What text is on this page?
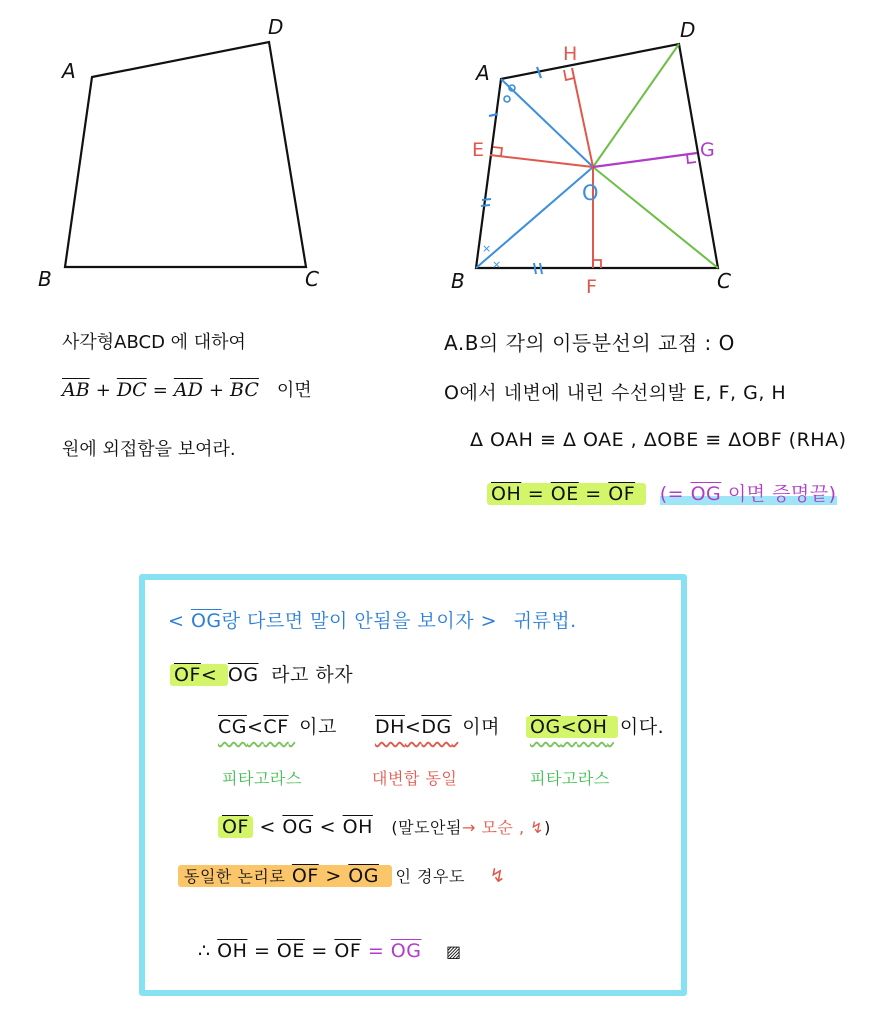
A
D
B	C
×
×
A
D
B	C
H
E
F
G
O
사각형ABCD 에 대하여
$\overline{AB} + \overline{DC} = \overline{AD} + \overline{BC}$ 이면
원에 외접함을 보여라.
A.B의 각의 이등분선의 교점 : O
O에서 네변에 내린 수선의발 E, F, G, H
Δ OAH ≡ Δ OAE , ΔOBE ≡ ΔOBF (RHA)
$\overline{OH} = \overline{OE} = \overline{OF}$ (= $\overline{OG}$ 이면 증명끝)
< $\overline{OG}$랑 다르면 말이 안됨을 보이자 > 귀류법.
$\overline{OF}< \overline{OG}$ 라고 하자
CG<CF 이고 DH<DG 이며 OG<OH 이다.
피타고라스	대변합 동일	피타고라스
$\overline{OF} < \overline{OG} < \overline{OH}$ (말도안됨→ 모순 , ↯)
동일한 논리로 $\overline{OF} > \overline{OG}$ 인 경우도 ↯
∴ $\overline{OH} = \overline{OE} = \overline{OF} = \overline{OG}$ ▨
